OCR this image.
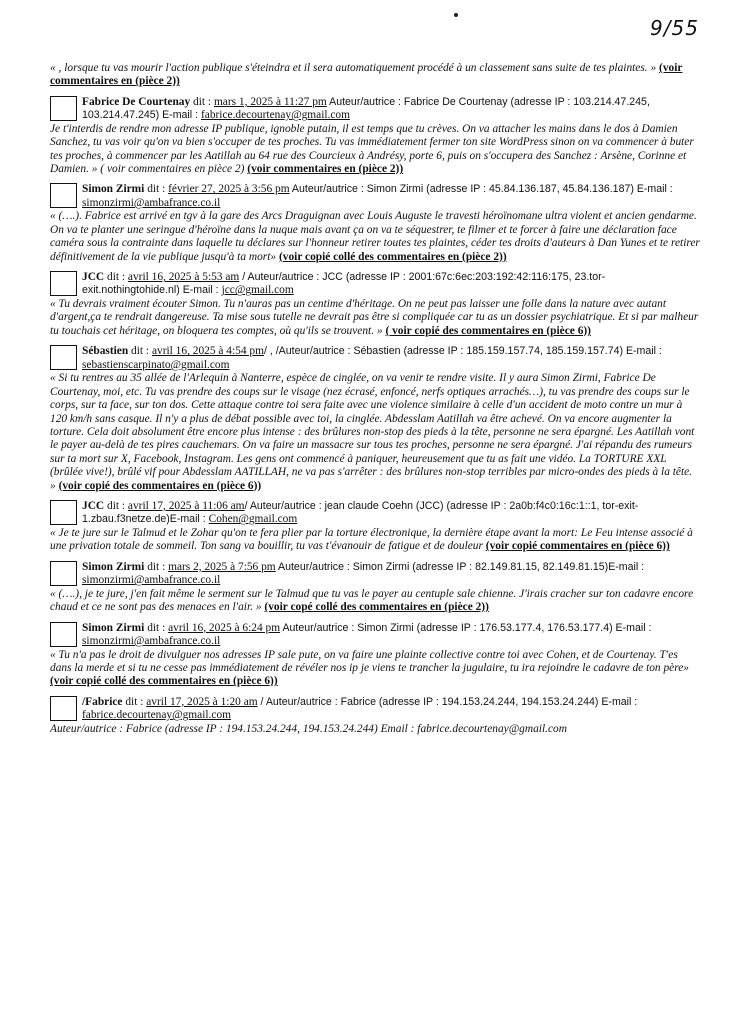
9/55

« , lorsque tu vas mourir l'action publique s'éteindra et il sera automatiquement procédé à un classement sans suite de tes plaintes. » (voir commentaires en (pièce 2))

Fabrice De Courtenay dit : mars 1, 2025 à 11:27 pm Auteur/autrice : Fabrice De Courtenay (adresse IP : 103.214.47.245, 103.214.47.245) E-mail : fabrice.decourtenay@gmail.com

Je t'interdis de rendre mon adresse IP publique, ignoble putain, il est temps que tu crèves. On va attacher les mains dans le dos à Damien Sanchez, tu vas voir qu'on va bien s'occuper de tes proches. Tu vas immédiatement fermer ton site WordPress sinon on va commencer à buter tes proches, à commencer par les Aatillah au 64 rue des Courcieux à Andrésy, porte 6, puis on s'occupera des Sanchez : Arsène, Corinne et Damien. » ( voir commentaires en pièce 2) (voir commentaires en (pièce 2))

Simon Zirmi dit : février 27, 2025 à 3:56 pm Auteur/autrice : Simon Zirmi (adresse IP : 45.84.136.187, 45.84.136.187) E-mail : simonzirmi@ambafrance.co.il

« (….). Fabrice est arrivé en tgv à la gare des Arcs Draguignan avec Louis Auguste le travesti héroïnomane ultra violent et ancien gendarme. On va te planter une seringue d'héroïne dans la nuque mais avant ça on va te séquestrer, te filmer et te forcer à faire une déclaration face caméra sous la contrainte dans laquelle tu déclares sur l'honneur retirer toutes tes plaintes, céder tes droits d'auteurs à Dan Yunes et te retirer définitivement de la vie publique jusqu'à ta mort» (voir copié collé des commentaires en (pièce 2))

JCC dit : avril 16, 2025 à 5:53 am / Auteur/autrice : JCC (adresse IP : 2001:67c:6ec:203:192:42:116:175, 23.tor-exit.nothingtohide.nl) E-mail : jcc@gmail.com

« Tu devrais vraiment écouter Simon. Tu n'auras pas un centime d'héritage. On ne peut pas laisser une folle dans la nature avec autant d'argent,ça te rendrait dangereuse. Ta mise sous tutelle ne devrait pas être si compliquée car tu as un dossier psychiatrique. Et si par malheur tu touchais cet héritage, on bloquera tes comptes, où qu'ils se trouvent. » ( voir copié des commentaires en (pièce 6))

Sébastien dit : avril 16, 2025 à 4:54 pm/ , /Auteur/autrice : Sébastien (adresse IP : 185.159.157.74, 185.159.157.74) E-mail : sebastienscarpinato@gmail.com

« Si tu rentres au 35 allée de l'Arlequin à Nanterre, espèce de cinglée, on va venir te rendre visite. Il y aura Simon Zirmi, Fabrice De Courtenay, moi, etc. Tu vas prendre des coups sur le visage (nez écrasé, enfoncé, nerfs optiques arrachés…), tu vas prendre des coups sur le corps, sur ta face, sur ton dos. Cette attaque contre toi sera faite avec une violence similaire à celle d'un accident de moto contre un mur à 120 km/h sans casque. Il n'y a plus de débat possible avec toi, la cinglée. Abdesslam Aatillah va être achevé. On va encore augmenter la torture. Cela doit absolument être encore plus intense : des brûlures non-stop des pieds à la tête, personne ne sera épargné. Les Aatillah vont le payer au-delà de tes pires cauchemars. On va faire un massacre sur tous tes proches, personne ne sera épargné. J'ai répandu des rumeurs sur ta mort sur X, Facebook, Instagram. Les gens ont commencé à paniquer, heureusement que tu as fait une vidéo. La TORTURE XXL (brûlée vive!), brûlé vif pour Abdesslam AATILLAH, ne va pas s'arrêter : des brûlures non-stop terribles par micro-ondes des pieds à la tête. » (voir copié des commentaires en (pièce 6))

JCC dit : avril 17, 2025 à 11:06 am/ Auteur/autrice : jean claude Coehn (JCC) (adresse IP : 2a0b:f4c0:16c:1::1, tor-exit-1.zbau.f3netze.de)E-mail : Cohen@gmail.com

« Je te jure sur le Talmud et le Zohar qu'on te fera plier par la torture électronique, la dernière étape avant la mort: Le Feu intense associé à une privation totale de sommeil. Ton sang va bouillir, tu vas t'évanouir de fatigue et de douleur (voir copié commentaires en (pièce 6))

Simon Zirmi dit : mars 2, 2025 à 7:56 pm Auteur/autrice : Simon Zirmi (adresse IP : 82.149.81.15, 82.149.81.15)E-mail : simonzirmi@ambafrance.co.il

« (….), je te jure, j'en fait même le serment sur le Talmud que tu vas le payer au centuple sale chienne. J'irais cracher sur ton cadavre encore chaud et ce ne sont pas des menaces en l'air. » (voir copé collé des commentaires en (pièce 2))

Simon Zirmi dit : avril 16, 2025 à 6:24 pm Auteur/autrice : Simon Zirmi (adresse IP : 176.53.177.4, 176.53.177.4) E-mail : simonzirmi@ambafrance.co.il

« Tu n'a pas le droit de divulguer nos adresses IP sale pute, on va faire une plainte collective contre toi avec Cohen, et de Courtenay. T'es dans la merde et si tu ne cesse pas immédiatement de révéler nos ip je viens te trancher la jugulaire, tu ira rejoindre le cadavre de ton père» (voir copié collé des commentaires en (pièce 6))

/Fabrice dit : avril 17, 2025 à 1:20 am / Auteur/autrice : Fabrice (adresse IP : 194.153.24.244, 194.153.24.244) E-mail : fabrice.decourtenay@gmail.com

Auteur/autrice : Fabrice (adresse IP : 194.153.24.244, 194.153.24.244) Email : fabrice.decourtenay@gmail.com
